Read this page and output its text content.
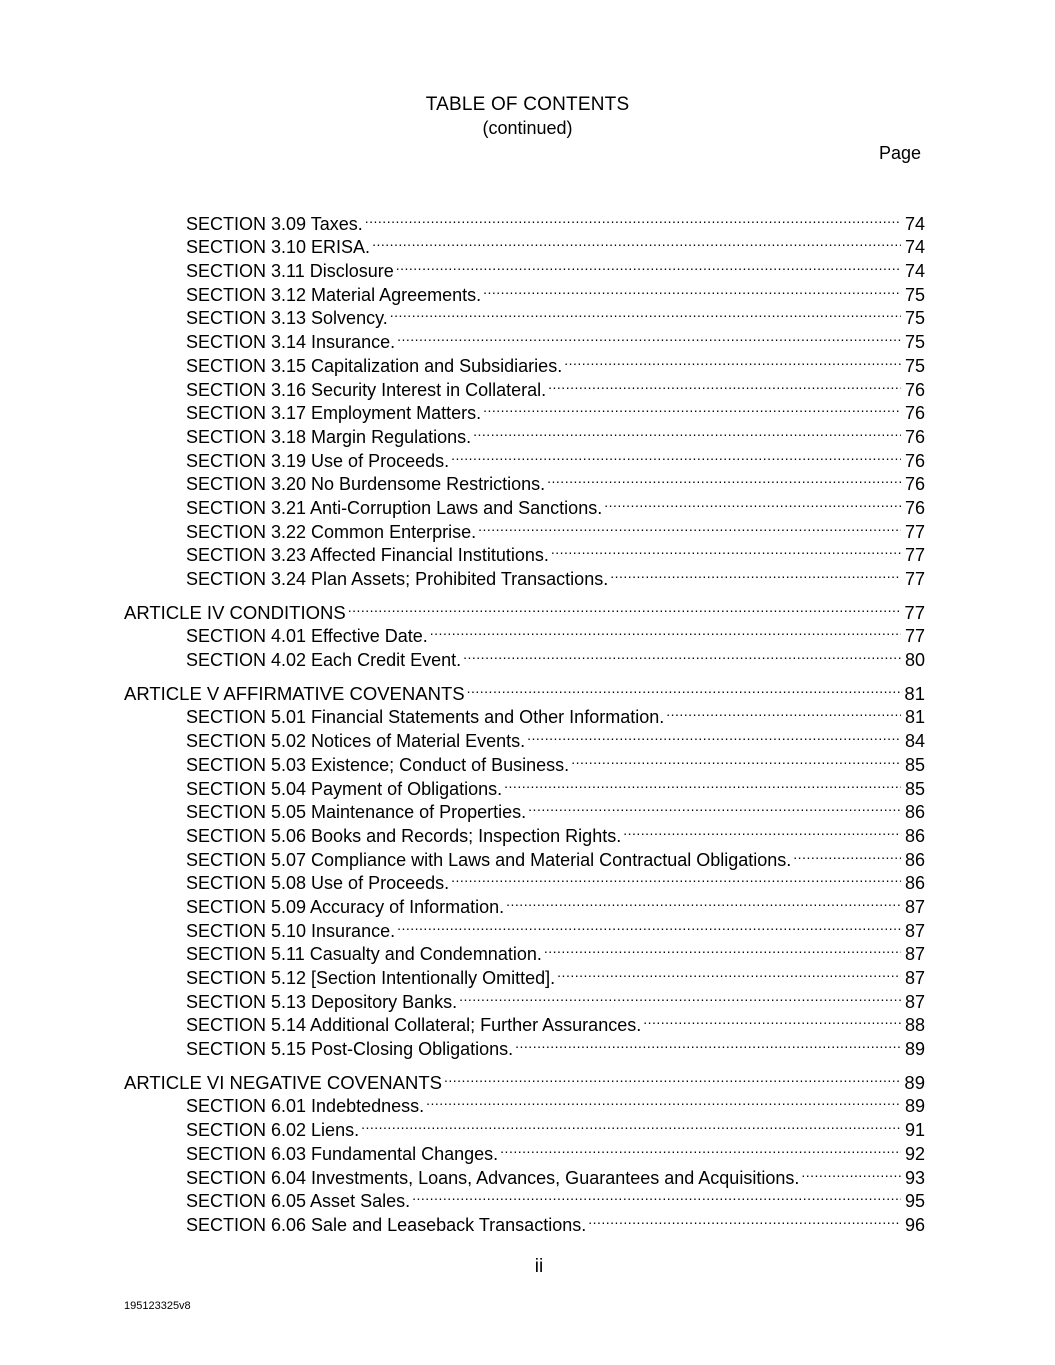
TABLE OF CONTENTS
(continued)
Page
SECTION 3.09 Taxes. .....	74
SECTION 3.10 ERISA. .....	74
SECTION 3.11 Disclosure .....	74
SECTION 3.12 Material Agreements. .....	75
SECTION 3.13 Solvency. .....	75
SECTION 3.14 Insurance. .....	75
SECTION 3.15 Capitalization and Subsidiaries. .....	75
SECTION 3.16 Security Interest in Collateral. .....	76
SECTION 3.17 Employment Matters. .....	76
SECTION 3.18 Margin Regulations. .....	76
SECTION 3.19 Use of Proceeds. .....	76
SECTION 3.20 No Burdensome Restrictions. .....	76
SECTION 3.21 Anti-Corruption Laws and Sanctions. .....	76
SECTION 3.22 Common Enterprise. .....	77
SECTION 3.23 Affected Financial Institutions. .....	77
SECTION 3.24 Plan Assets; Prohibited Transactions. .....	77
ARTICLE IV CONDITIONS .....	77
SECTION 4.01 Effective Date. .....	77
SECTION 4.02 Each Credit Event. .....	80
ARTICLE V AFFIRMATIVE COVENANTS .....	81
SECTION 5.01 Financial Statements and Other Information. .....	81
SECTION 5.02 Notices of Material Events. .....	84
SECTION 5.03 Existence; Conduct of Business. .....	85
SECTION 5.04 Payment of Obligations. .....	85
SECTION 5.05 Maintenance of Properties. .....	86
SECTION 5.06 Books and Records; Inspection Rights. .....	86
SECTION 5.07 Compliance with Laws and Material Contractual Obligations. .....	86
SECTION 5.08 Use of Proceeds. .....	86
SECTION 5.09 Accuracy of Information. .....	87
SECTION 5.10 Insurance. .....	87
SECTION 5.11 Casualty and Condemnation. .....	87
SECTION 5.12 [Section Intentionally Omitted]. .....	87
SECTION 5.13 Depository Banks. .....	87
SECTION 5.14 Additional Collateral; Further Assurances. .....	88
SECTION 5.15 Post-Closing Obligations. .....	89
ARTICLE VI NEGATIVE COVENANTS .....	89
SECTION 6.01 Indebtedness. .....	89
SECTION 6.02 Liens. .....	91
SECTION 6.03 Fundamental Changes. .....	92
SECTION 6.04 Investments, Loans, Advances, Guarantees and Acquisitions. .....	93
SECTION 6.05 Asset Sales. .....	95
SECTION 6.06 Sale and Leaseback Transactions. .....	96
ii
195123325v8
